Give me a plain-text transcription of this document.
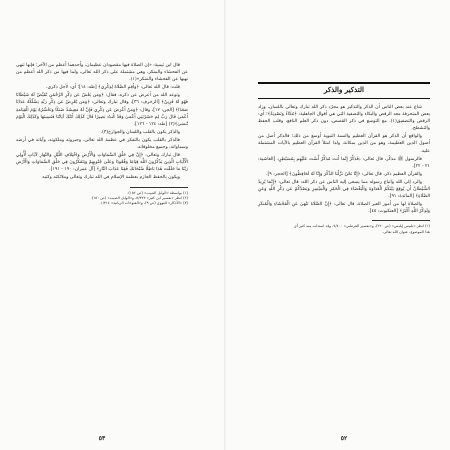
قال ابن تيمية: «إن الصلاة فيها مقصودان عظيمان، وأحدهما أعظم من الآخر؛ فإنها تنهى عن الفحشاء والمنكر، وهي مشتملة على ذكر الله تعالى، ولما فيها من ذكر الله أعظم من نهيها عن الفحشاء والمنكر»(١).

قلت: قال الله تعالى: ﴿وَأَقِمِ الصَّلَاةَ لِذِكْرِي﴾ [طه: ١٤]؛ أي: لأجل ذكري.

وتوعد الله من أعرض عن ذكره، فقال: ﴿وَمَن يَعْشُ عَن ذِكْرِ الرَّحْمَٰنِ نُقَيِّضْ لَهُ شَيْطَانًا فَهُوَ لَهُ قَرِينٌ﴾ [الزخرف: ٣٦]، وقال تبارك وتعالى: ﴿وَمَن يُعْرِضْ عَن ذِكْرِ رَبِّهِ يَسْلُكْهُ عَذَابًا صَعَدًا﴾ [الجن: ١٧]، وقال: ﴿وَمَنْ أَعْرَضَ عَن ذِكْرِي فَإِنَّ لَهُ مَعِيشَةً ضَنكًا وَنَحْشُرُهُ يَوْمَ الْقِيَامَةِ أَعْمَىٰ قَالَ رَبِّ لِمَ حَشَرْتَنِي أَعْمَىٰ وَقَدْ كُنتُ بَصِيرًا قَالَ كَذَٰلِكَ أَتَتْكَ آيَاتُنَا فَنَسِيتَهَا وَكَذَٰلِكَ الْيَوْمَ تُنسَىٰ﴾(٢) [طه: ١٢٤ - ١٢٦].

والذكر يكون بالقلب واللسان والجوارح(٣).

فالذكر بالقلب يكون بالتفكر في عظمة الله تعالى، وجبروته وملكوته، وآياته في أرضه وسماواته، وجميع مخلوقاته.

قال تبارك وتعالى: ﴿إِنَّ فِي خَلْقِ السَّمَاوَاتِ وَالْأَرْضِ وَاخْتِلَافِ اللَّيْلِ وَالنَّهَارِ لَآيَاتٍ لِّأُولِي الْأَلْبَابِ الَّذِينَ يَذْكُرُونَ اللَّهَ قِيَامًا وَقُعُودًا وَعَلَىٰ جُنُوبِهِمْ وَيَتَفَكَّرُونَ فِي خَلْقِ السَّمَاوَاتِ وَالْأَرْضِ رَبَّنَا مَا خَلَقْتَ هَٰذَا بَاطِلًا سُبْحَانَكَ فَقِنَا عَذَابَ النَّارِ﴾ [آل عمران: ١٩٠ - ١٩١].

ويكون بالحفظ الجازم بعظمة الإسلام في الله تبارك وتعالى وملائكته وكتبه

(١) بواسطة «الوابل الصيب» (ص ١٥٢).

(٢) انظر «تفسير ابن كثير» ٥/٣٢٣، و«الوابل الصيب» (ص ١٥٠).

(٣) «الأذكار» للنووي (ص ٩)، و«الفتوحات الربانية» ١/٣١٤.

٥٣
التذكير والذكر

شاع عند بعض الناس أن الذكر والتذكير هو مجرّد ذكر الله تبارك وتعالى باللسان، وزاد بعض المتحرفة معه الرقص والبكاء والتصفية التي هي أقوال الجاهلية: ﴿مُكَاءً وَتَصْدِيَةً﴾؛ أي: الرقص والتصفيق(١). مع التوسع في ذكر القصص، دون ذكر العلم النافع، وقلب الحفظ والتشطح.

والواقع أن الذكر هو القرآن العظيم والسنة النبوية أوسع من ذلك؛ فالذكر أصل من أصول الدين العظيمة، وهو من الدين بمكانة، ولذا امتلأ القرآن العظيم بالآيات المشتملة عليه.

فالرسول ﷺ مذكّر، قال تعالى: ﴿فَذَكِّرْ إِنَّمَا أَنتَ مُذَكِّرٌ لَّسْتَ عَلَيْهِم بِمُسَيْطِرٍ﴾ [الغاشية: ٢١ - ٢٢].

والقرآن العظيم ذكر، قال تعالى: ﴿إِنَّا نَحْنُ نَزَّلْنَا الذِّكْرَ وَإِنَّا لَهُ لَحَافِظُونَ﴾ [الحجر: ٩].

والرد إلى الله واتباع رسوله مما يسعى إليه الناس عن ذكر الله: قال تعالى: ﴿إِنَّمَا يُرِيدُ الشَّيْطَانُ أَن يُوقِعَ بَيْنَكُمُ الْعَدَاوَةَ وَالْبَغْضَاءَ فِي الْخَمْرِ وَالْمَيْسِرِ وَيَصُدَّكُمْ عَن ذِكْرِ اللَّهِ وَعَنِ الصَّلَاةِ﴾ [المائدة: ٩١].

والصلاة لها من أمور العبر الصلاة، قال تعالى: ﴿إِنَّ الصَّلَاةَ تَنْهَىٰ عَنِ الْفَحْشَاءِ وَالْمُنكَرِ وَلَذِكْرُ اللَّهِ أَكْبَرُ﴾ [العنكبوت: ٤٥].

(١) انظر «تلبيس إبليس» (ص ٢٢٠)، و«تفسير القرطبي» ٧/٤٠٠، وقد استدلت منه كثير أي

هذا الموضوع، عنوان الله تعالى.

٥٢
